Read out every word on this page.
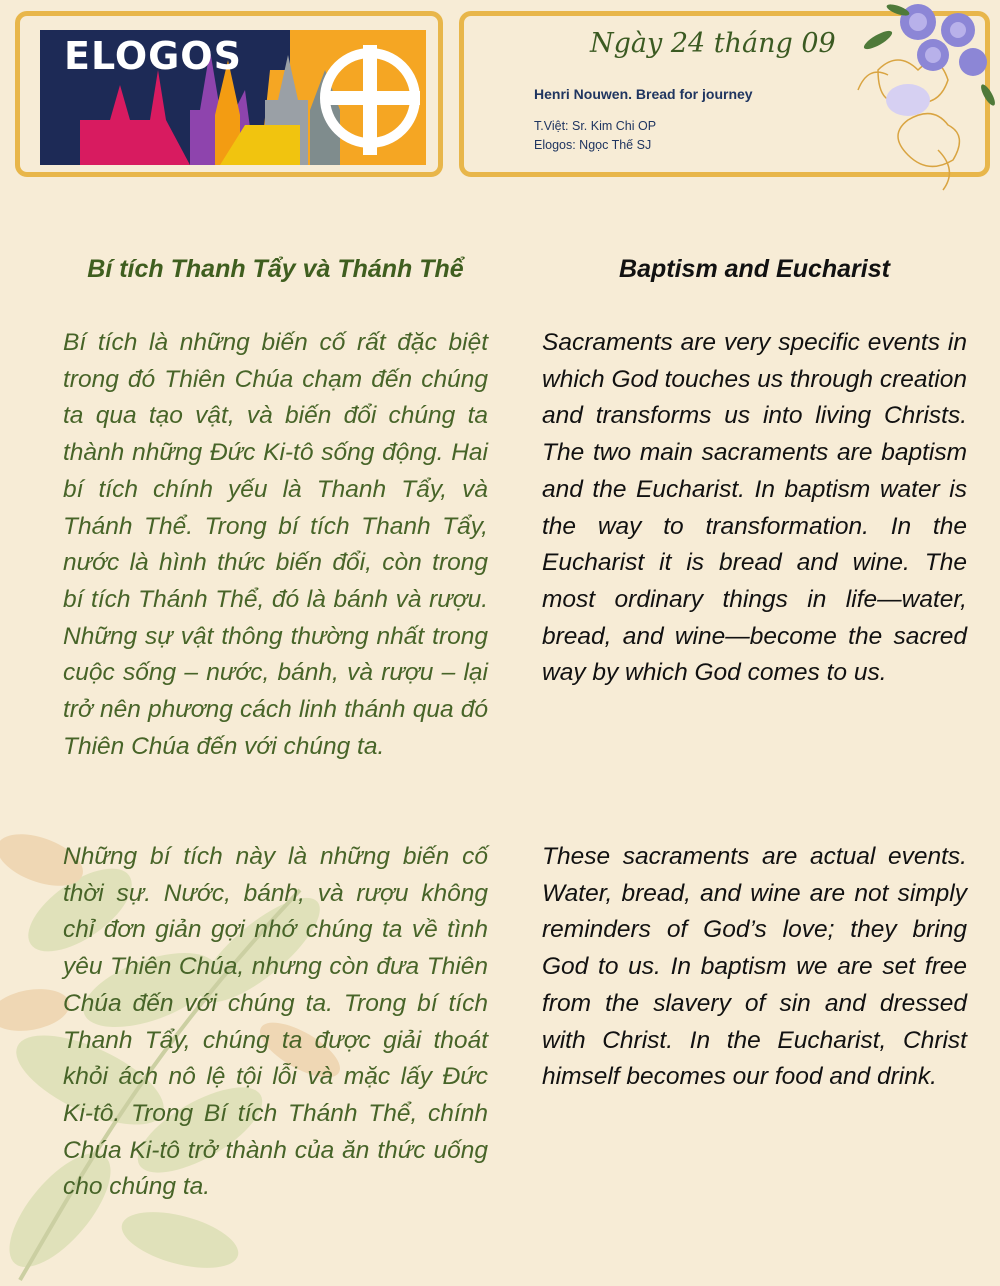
ELOGOS	Ngày 24 tháng 09
Henri Nouwen. Bread for journey
T.Việt: Sr. Kim Chi OP
Elogos: Ngọc Thế SJ
Bí tích Thanh Tẩy và Thánh Thể

Bí tích là những biến cố rất đặc biệt trong đó Thiên Chúa chạm đến chúng ta qua tạo vật, và biến đổi chúng ta thành những Đức Ki-tô sống động. Hai bí tích chính yếu là Thanh Tẩy, và Thánh Thể. Trong bí tích Thanh Tẩy, nước là hình thức biến đổi, còn trong bí tích Thánh Thể, đó là bánh và rượu. Những sự vật thông thường nhất trong cuộc sống – nước, bánh, và rượu – lại trở nên phương cách linh thánh qua đó Thiên Chúa đến với chúng ta.

Những bí tích này là những biến cố thời sự. Nước, bánh, và rượu không chỉ đơn giản gợi nhớ chúng ta về tình yêu Thiên Chúa, nhưng còn đưa Thiên Chúa đến với chúng ta. Trong bí tích Thanh Tẩy, chúng ta được giải thoát khỏi ách nô lệ tội lỗi và mặc lấy Đức Ki-tô. Trong Bí tích Thánh Thể, chính Chúa Ki-tô trở thành của ăn thức uống cho chúng ta.

Baptism and Eucharist

Sacraments are very specific events in which God touches us through creation and transforms us into living Christs. The two main sacraments are baptism and the Eucharist. In baptism water is the way to transformation. In the Eucharist it is bread and wine. The most ordinary things in life—water, bread, and wine—become the sacred way by which God comes to us.

These sacraments are actual events. Water, bread, and wine are not simply reminders of God’s love; they bring God to us. In baptism we are set free from the slavery of sin and dressed with Christ. In the Eucharist, Christ himself becomes our food and drink.
